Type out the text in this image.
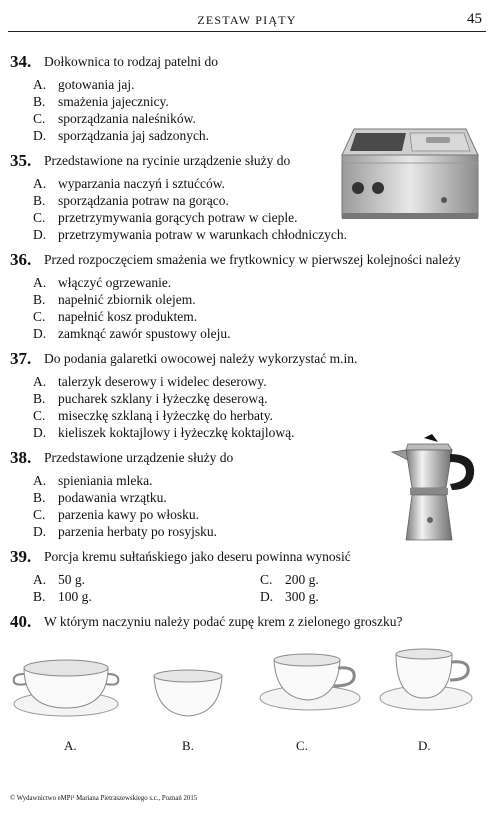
ZESTAW PIĄTY	45
34. Dołkownica to rodzaj patelni do
A. gotowania jaj.
B. smażenia jajecznicy.
C. sporządzania naleśników.
D. sporządzania jaj sadzonych.
35. Przedstawione na rycinie urządzenie służy do
A. wyparzania naczyń i sztućców.
B. sporządzania potraw na gorąco.
C. przetrzymywania gorących potraw w cieple.
D. przetrzymywania potraw w warunkach chłodniczych.
36. Przed rozpoczęciem smażenia we frytkownicy w pierwszej kolejności należy
A. włączyć ogrzewanie.
B. napełnić zbiornik olejem.
C. napełnić kosz produktem.
D. zamknąć zawór spustowy oleju.
37. Do podania galaretki owocowej należy wykorzystać m.in.
A. talerzyk deserowy i widelec deserowy.
B. pucharek szklany i łyżeczkę deserową.
C. miseczkę szklaną i łyżeczkę do herbaty.
D. kieliszek koktajlowy i łyżeczkę koktajlową.
38. Przedstawione urządzenie służy do
A. spieniania mleka.
B. podawania wrzątku.
C. parzenia kawy po włosku.
D. parzenia herbaty po rosyjsku.
39. Porcja kremu sułtańskiego jako deseru powinna wynosić
A. 50 g.
B. 100 g.
C. 200 g.
D. 300 g.
40. W którym naczyniu należy podać zupę krem z zielonego groszku?
A.	B.	C.	D.
© Wydawnictwo eMPi² Mariana Pietraszewskiego s.c., Poznań 2015
